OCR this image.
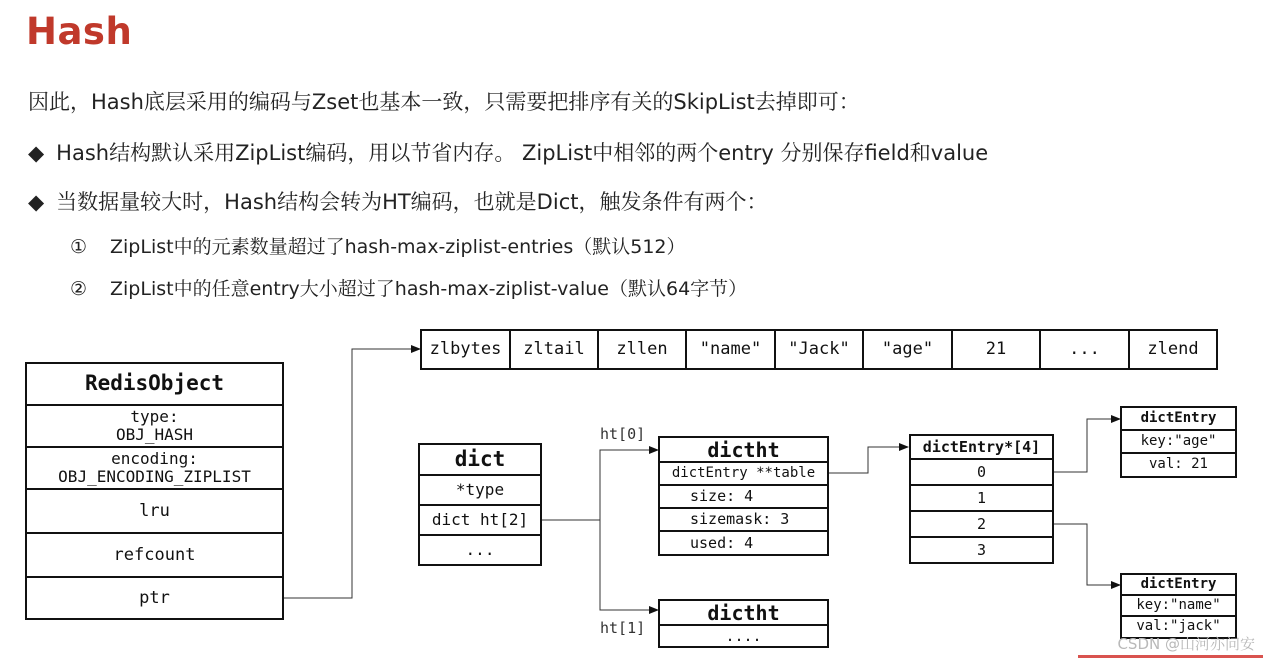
Hash
因此，Hash底层采用的编码与Zset也基本一致，只需要把排序有关的SkipList去掉即可：
◆ Hash结构默认采用ZipList编码，用以节省内存。 ZipList中相邻的两个entry 分别保存field和value
◆ 当数据量较大时，Hash结构会转为HT编码，也就是Dict，触发条件有两个：
① ZipList中的元素数量超过了hash-max-ziplist-entries（默认512）
② ZipList中的任意entry大小超过了hash-max-ziplist-value（默认64字节）
RedisObject
type:
OBJ_HASH
encoding:
OBJ_ENCODING_ZIPLIST
lru
refcount
ptr
zlbytes	zltail	zllen	"name"	"Jack"	"age"	21	...	zlend
dict
*type
dict ht[2]
...
ht[0]
ht[1]
dictht
dictEntry **table
size: 4
sizemask: 3
used: 4
dictht
....
dictEntry*[4]
0
1
2
3
dictEntry
key:"age"
val: 21
dictEntry
key:"name"
val:"jack"
CSDN @山河亦问安
